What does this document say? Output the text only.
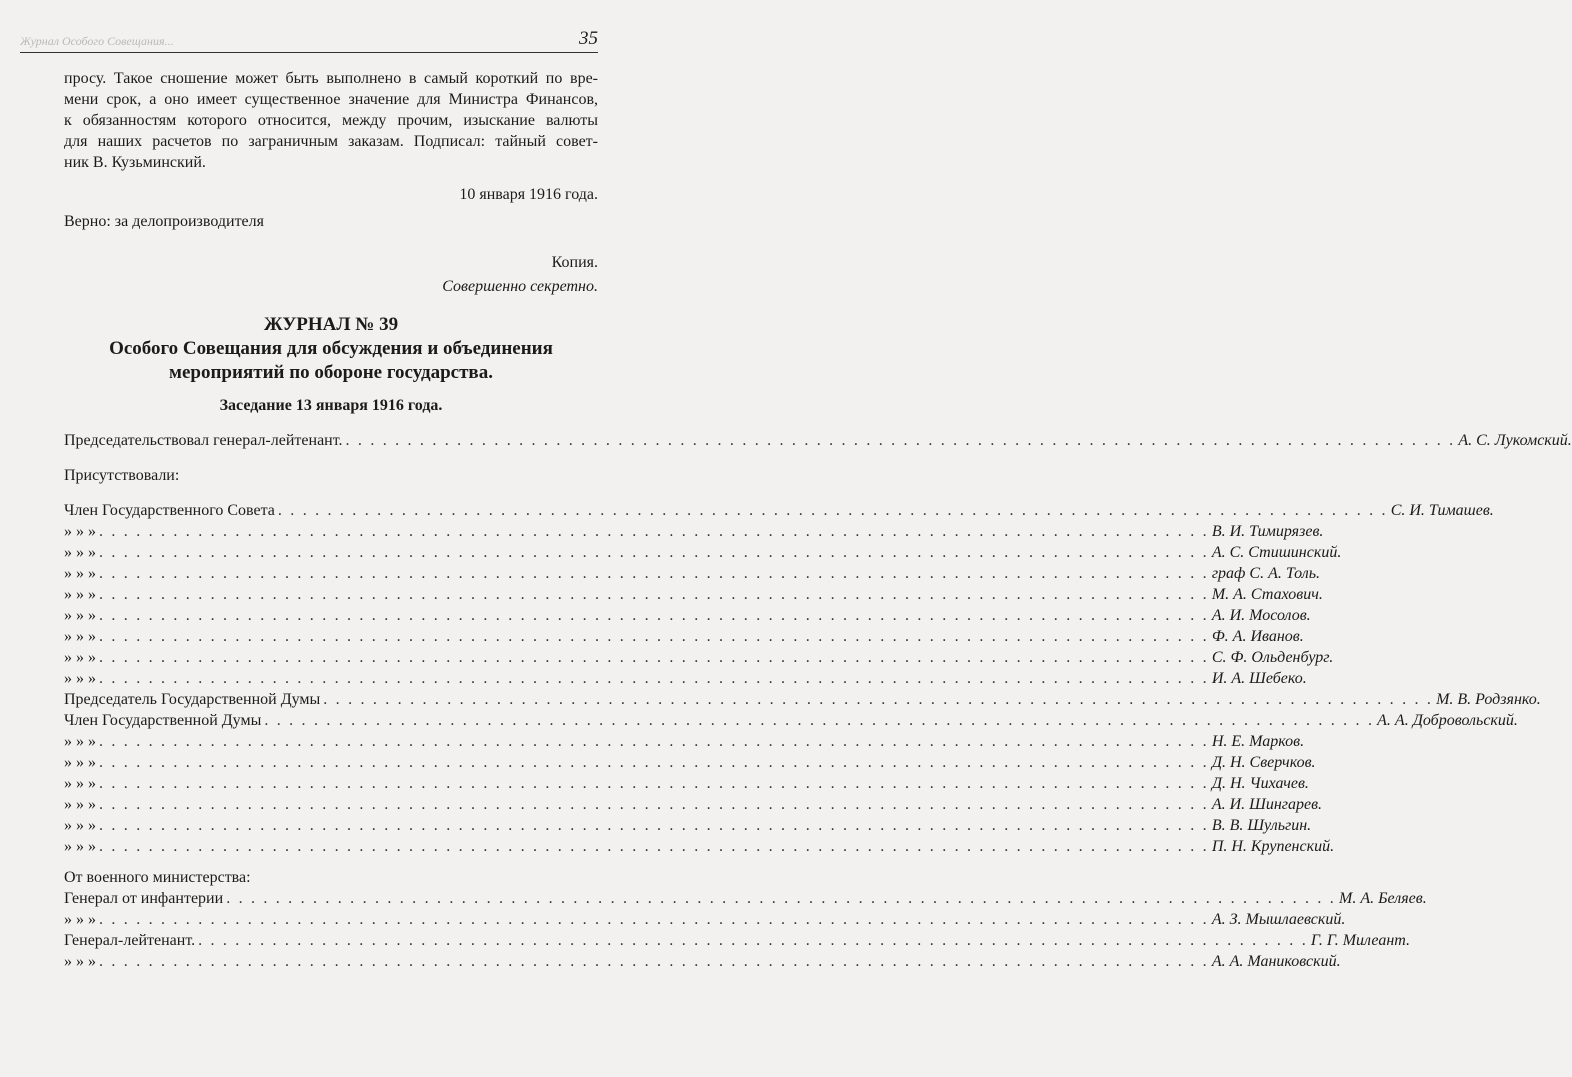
Журнал Особого Совещания...	35
просу. Такое сношение может быть выполнено в самый короткий по вре-
мени срок, а оно имеет существенное значение для Министра Финансов,
к обязанностям которого относится, между прочим, изыскание валюты
для наших расчетов по заграничным заказам. Подписал: тайный совет-
ник В. Кузьминский.
10 января 1916 года.
Верно: за делопроизводителя
Копия.
Совершенно секретно.
ЖУРНАЛ № 39
Особого Совещания для обсуждения и объединения
мероприятий по обороне государства.
Заседание 13 января 1916 года.
Председательствовал генерал-лейтенант. . . . . . . . . . . . . . . . . . . . . . . . . . . . . . . . . . . . . . . . . . . . . . . . . . . . . . . . . . . . . . . . . . . . . . . . . . . . . . . . . . . . . . . . . . . А. С. Лукомский.
Присутствовали:
Член Государственного Совета . . . . . . . . . . . . . . . . . . . . . . . . . . . . . . . . . . . . . . . . . . . . . . . . . . . . . . . . . . . . . . . . . . . . . . . . . . . . . . . . . . . . . . . . . . С. И. Тимашев.
» » » . . . . . . . . . . . . . . . . . . . . . . . . . . . . . . . . . . . . . . . . . . . . . . . . . . . . . . . . . . . . . . . . . . . . . . . . . . . . . . . . . . . . . . . . . . В. И. Тимирязев.
» » » . . . . . . . . . . . . . . . . . . . . . . . . . . . . . . . . . . . . . . . . . . . . . . . . . . . . . . . . . . . . . . . . . . . . . . . . . . . . . . . . . . . . . . . . . . А. С. Стишинский.
» » » . . . . . . . . . . . . . . . . . . . . . . . . . . . . . . . . . . . . . . . . . . . . . . . . . . . . . . . . . . . . . . . . . . . . . . . . . . . . . . . . . . . . . . . . . . граф С. А. Толь.
» » » . . . . . . . . . . . . . . . . . . . . . . . . . . . . . . . . . . . . . . . . . . . . . . . . . . . . . . . . . . . . . . . . . . . . . . . . . . . . . . . . . . . . . . . . . . М. А. Стахович.
» » » . . . . . . . . . . . . . . . . . . . . . . . . . . . . . . . . . . . . . . . . . . . . . . . . . . . . . . . . . . . . . . . . . . . . . . . . . . . . . . . . . . . . . . . . . . А. И. Мосолов.
» » » . . . . . . . . . . . . . . . . . . . . . . . . . . . . . . . . . . . . . . . . . . . . . . . . . . . . . . . . . . . . . . . . . . . . . . . . . . . . . . . . . . . . . . . . . . Ф. А. Иванов.
» » » . . . . . . . . . . . . . . . . . . . . . . . . . . . . . . . . . . . . . . . . . . . . . . . . . . . . . . . . . . . . . . . . . . . . . . . . . . . . . . . . . . . . . . . . . . С. Ф. Ольденбург.
» » » . . . . . . . . . . . . . . . . . . . . . . . . . . . . . . . . . . . . . . . . . . . . . . . . . . . . . . . . . . . . . . . . . . . . . . . . . . . . . . . . . . . . . . . . . . И. А. Шебеко.
Председатель Государственной Думы . . . . . . . . . . . . . . . . . . . . . . . . . . . . . . . . . . . . . . . . . . . . . . . . . . . . . . . . . . . . . . . . . . . . . . . . . . . . . . . . . . . . . . . . . . М. В. Родзянко.
Член Государственной Думы . . . . . . . . . . . . . . . . . . . . . . . . . . . . . . . . . . . . . . . . . . . . . . . . . . . . . . . . . . . . . . . . . . . . . . . . . . . . . . . . . . . . . . . . . . А. А. Добровольский.
» » » . . . . . . . . . . . . . . . . . . . . . . . . . . . . . . . . . . . . . . . . . . . . . . . . . . . . . . . . . . . . . . . . . . . . . . . . . . . . . . . . . . . . . . . . . . Н. Е. Марков.
» » » . . . . . . . . . . . . . . . . . . . . . . . . . . . . . . . . . . . . . . . . . . . . . . . . . . . . . . . . . . . . . . . . . . . . . . . . . . . . . . . . . . . . . . . . . . Д. Н. Сверчков.
» » » . . . . . . . . . . . . . . . . . . . . . . . . . . . . . . . . . . . . . . . . . . . . . . . . . . . . . . . . . . . . . . . . . . . . . . . . . . . . . . . . . . . . . . . . . . Д. Н. Чихачев.
» » » . . . . . . . . . . . . . . . . . . . . . . . . . . . . . . . . . . . . . . . . . . . . . . . . . . . . . . . . . . . . . . . . . . . . . . . . . . . . . . . . . . . . . . . . . . А. И. Шингарев.
» » » . . . . . . . . . . . . . . . . . . . . . . . . . . . . . . . . . . . . . . . . . . . . . . . . . . . . . . . . . . . . . . . . . . . . . . . . . . . . . . . . . . . . . . . . . . В. В. Шульгин.
» » » . . . . . . . . . . . . . . . . . . . . . . . . . . . . . . . . . . . . . . . . . . . . . . . . . . . . . . . . . . . . . . . . . . . . . . . . . . . . . . . . . . . . . . . . . . П. Н. Крупенский.
От военного министерства:
Генерал от инфантерии . . . . . . . . . . . . . . . . . . . . . . . . . . . . . . . . . . . . . . . . . . . . . . . . . . . . . . . . . . . . . . . . . . . . . . . . . . . . . . . . . . . . . . . . . . М. А. Беляев.
» » » . . . . . . . . . . . . . . . . . . . . . . . . . . . . . . . . . . . . . . . . . . . . . . . . . . . . . . . . . . . . . . . . . . . . . . . . . . . . . . . . . . . . . . . . . . А. З. Мышлаевский.
Генерал-лейтенант. . . . . . . . . . . . . . . . . . . . . . . . . . . . . . . . . . . . . . . . . . . . . . . . . . . . . . . . . . . . . . . . . . . . . . . . . . . . . . . . . . . . . . . . . . . Г. Г. Милеант.
» » » . . . . . . . . . . . . . . . . . . . . . . . . . . . . . . . . . . . . . . . . . . . . . . . . . . . . . . . . . . . . . . . . . . . . . . . . . . . . . . . . . . . . . . . . . . А. А. Маниковский.
